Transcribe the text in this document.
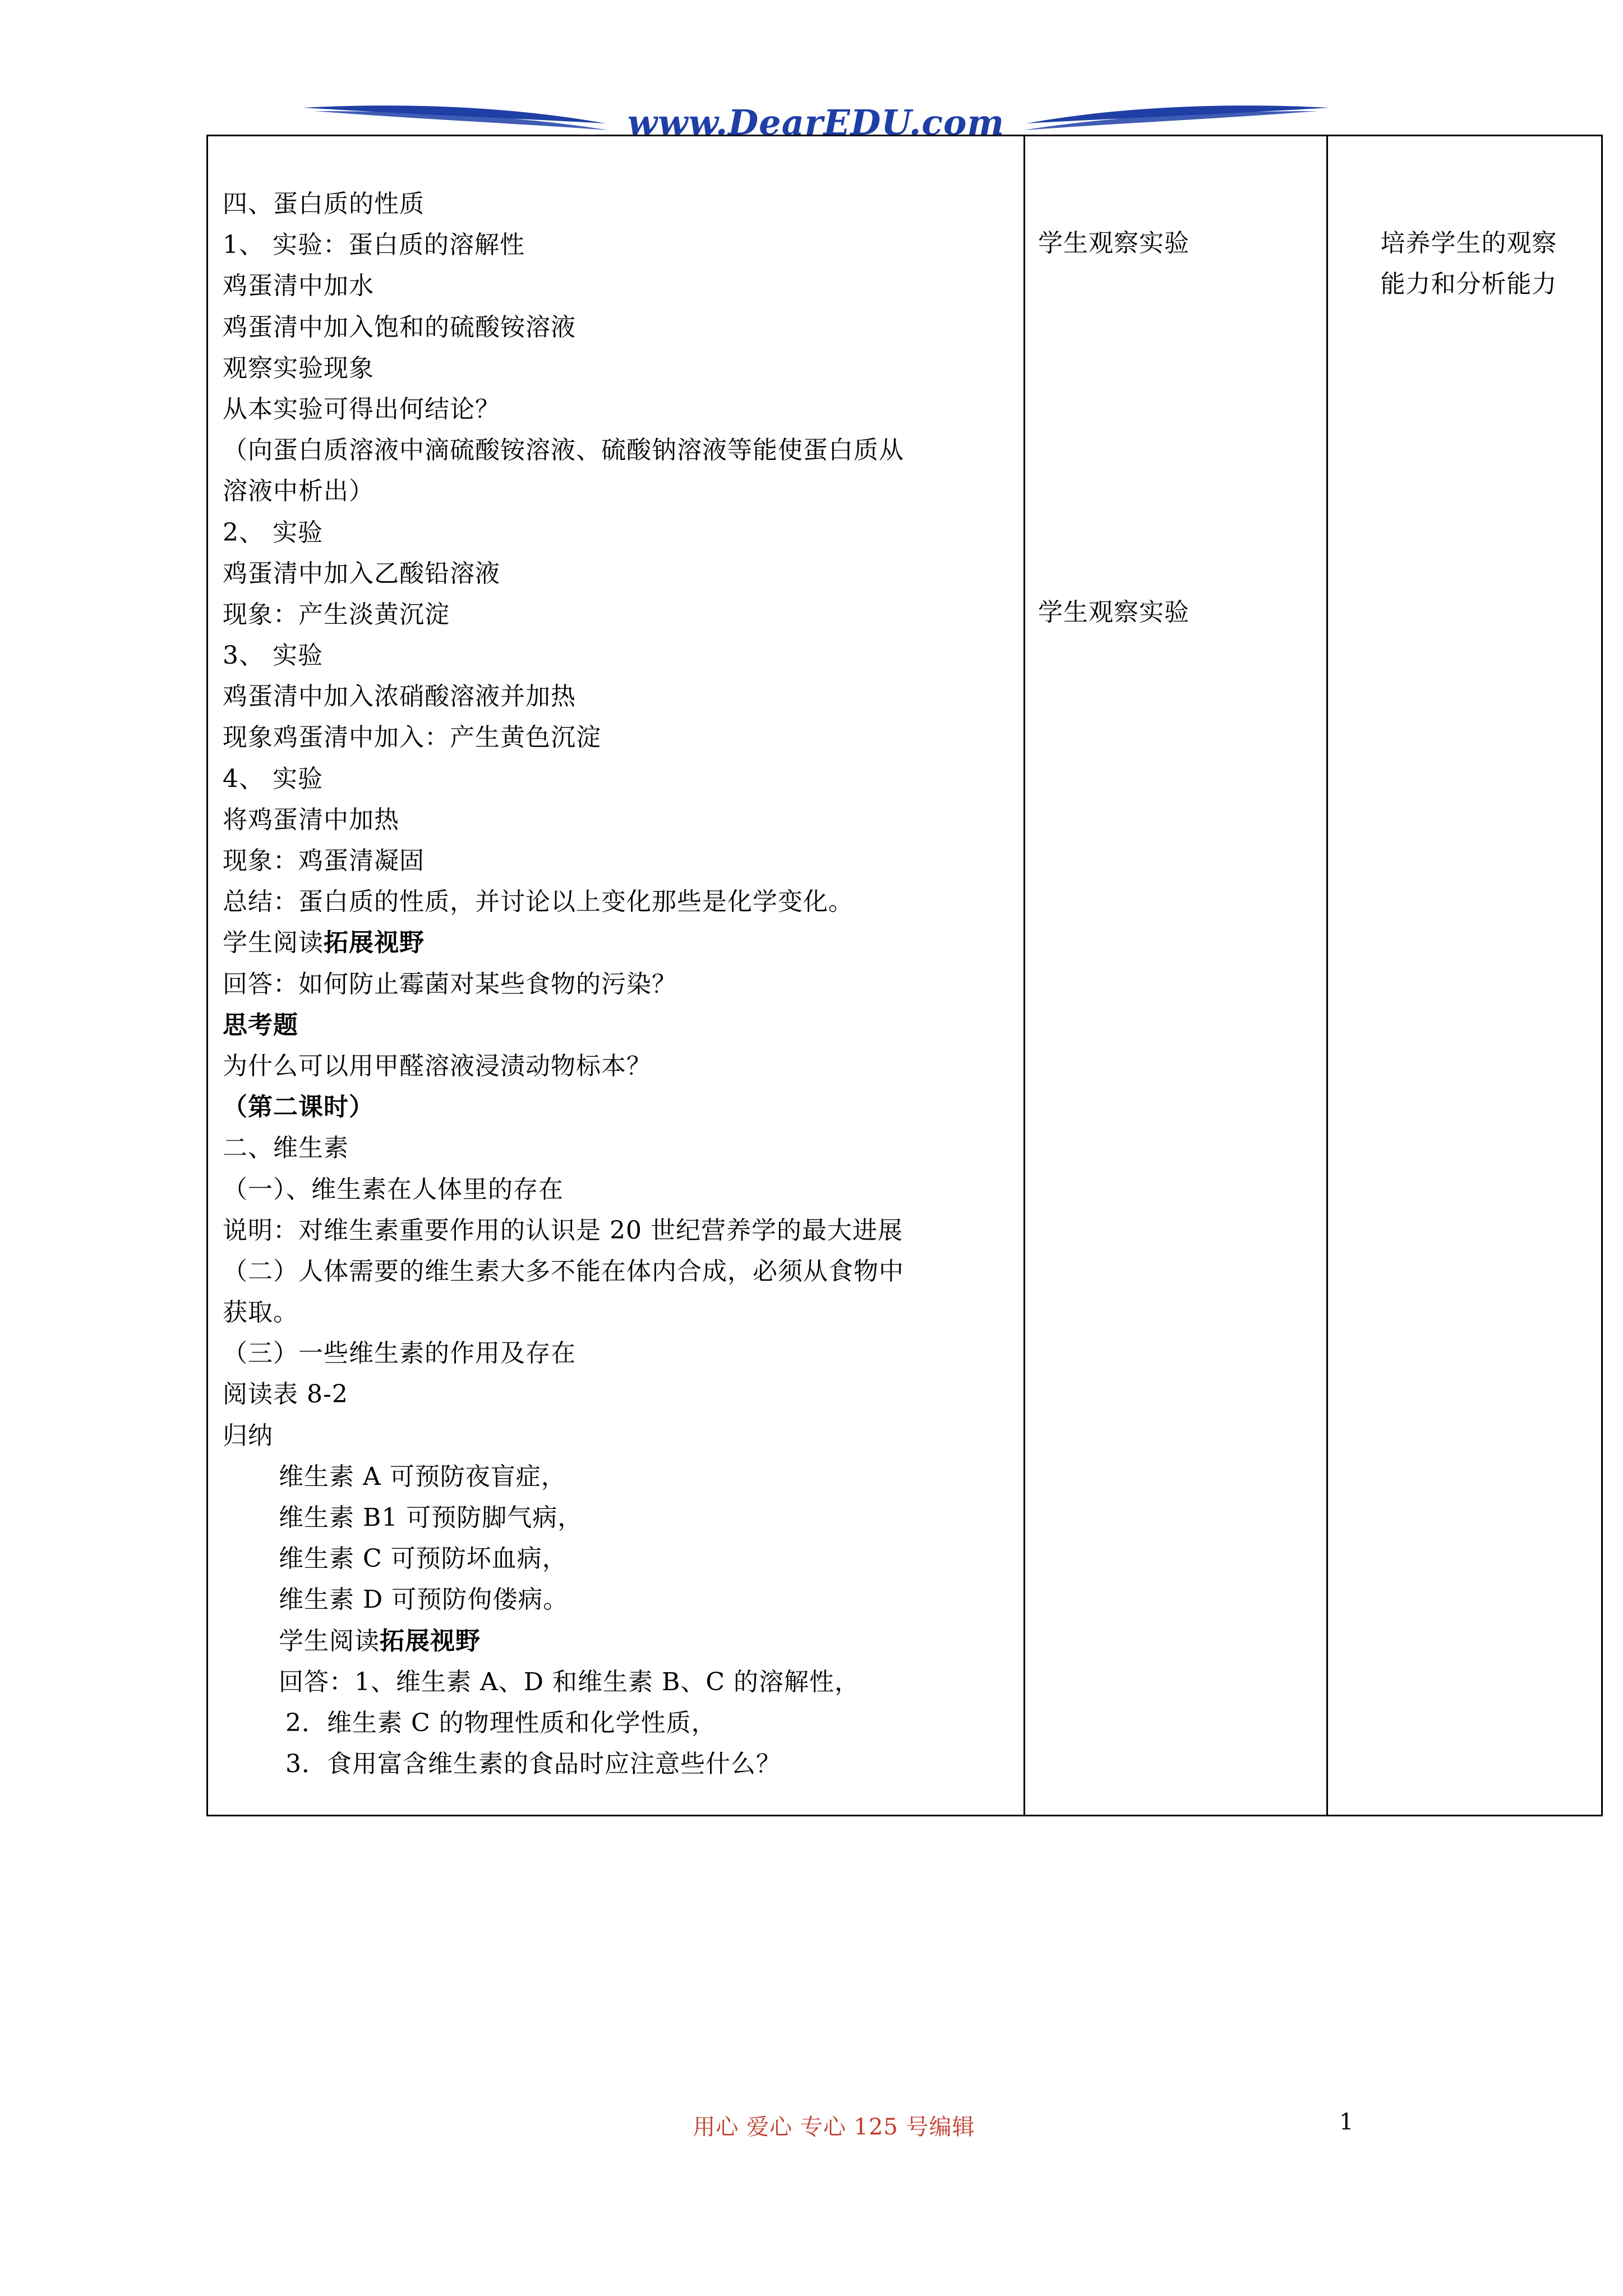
www.DearEDU.com
四、蛋白质的性质
1、 实验：蛋白质的溶解性
鸡蛋清中加水
鸡蛋清中加入饱和的硫酸铵溶液
观察实验现象
从本实验可得出何结论？
（向蛋白质溶液中滴硫酸铵溶液、硫酸钠溶液等能使蛋白质从
溶液中析出）
2、 实验
鸡蛋清中加入乙酸铅溶液
现象：产生淡黄沉淀
3、 实验
鸡蛋清中加入浓硝酸溶液并加热
现象鸡蛋清中加入：产生黄色沉淀
4、 实验
将鸡蛋清中加热
现象：鸡蛋清凝固
总结：蛋白质的性质，并讨论以上变化那些是化学变化。
学生阅读拓展视野
回答：如何防止霉菌对某些食物的污染？
思考题
为什么可以用甲醛溶液浸渍动物标本？
（第二课时）
二、维生素
（一）、维生素在人体里的存在
说明：对维生素重要作用的认识是 20 世纪营养学的最大进展
（二）人体需要的维生素大多不能在体内合成，必须从食物中
获取。
（三）一些维生素的作用及存在
阅读表 8-2
归纳
维生素 A 可预防夜盲症，
维生素 B1 可预防脚气病，
维生素 C 可预防坏血病，
维生素 D 可预防佝偻病。
学生阅读拓展视野
回答：1、维生素 A、D 和维生素 B、C 的溶解性，
2．维生素 C 的物理性质和化学性质，
3．食用富含维生素的食品时应注意些什么？
学生观察实验
学生观察实验
培养学生的观察
能力和分析能力
用心 爱心 专心 125 号编辑	1
